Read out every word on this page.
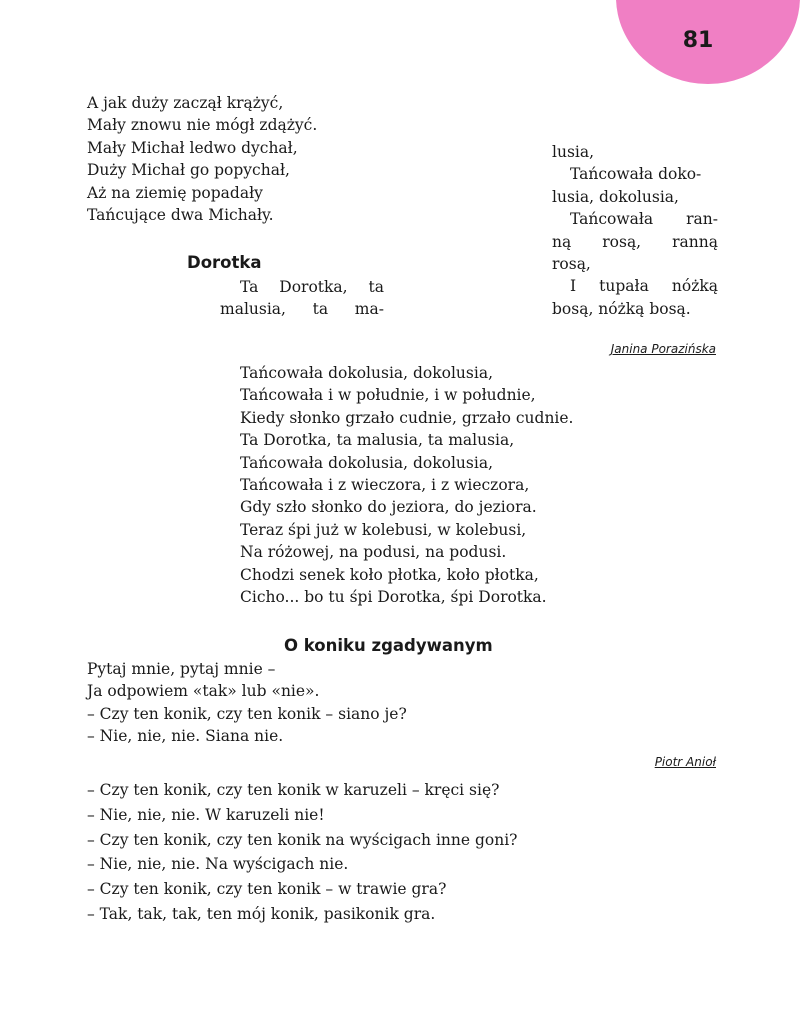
81
A jak duży zaczął krążyć,
Mały znowu nie mógł zdążyć.
Mały Michał ledwo dychał,
Duży Michał go popychał,
Aż na ziemię popadały
Tańcujące dwa Michały.
Dorotka
Ta Dorotka, ta
malusia, ta ma-
lusia,
Tańcowała doko-
lusia, dokolusia,
Tańcowała ran-
ną rosą, ranną
rosą,
I tupała nóżką
bosą, nóżką bosą.
Janina Porazińska
Tańcowała dokolusia, dokolusia,
Tańcowała i w południe, i w południe,
Kiedy słonko grzało cudnie, grzało cudnie.
Ta Dorotka, ta malusia, ta malusia,
Tańcowała dokolusia, dokolusia,
Tańcowała i z wieczora, i z wieczora,
Gdy szło słonko do jeziora, do jeziora.
Teraz śpi już w kolebusi, w kolebusi,
Na różowej, na podusi, na podusi.
Chodzi senek koło płotka, koło płotka,
Cicho... bo tu śpi Dorotka, śpi Dorotka.
O koniku zgadywanym
Pytaj mnie, pytaj mnie –
Ja odpowiem «tak» lub «nie».
– Czy ten konik, czy ten konik – siano je?
– Nie, nie, nie. Siana nie.
Piotr Anioł
– Czy ten konik, czy ten konik w karuzeli – kręci się?
– Nie, nie, nie. W karuzeli nie!
– Czy ten konik, czy ten konik na wyścigach inne goni?
– Nie, nie, nie. Na wyścigach nie.
– Czy ten konik, czy ten konik – w trawie gra?
– Tak, tak, tak, ten mój konik, pasikonik gra.
